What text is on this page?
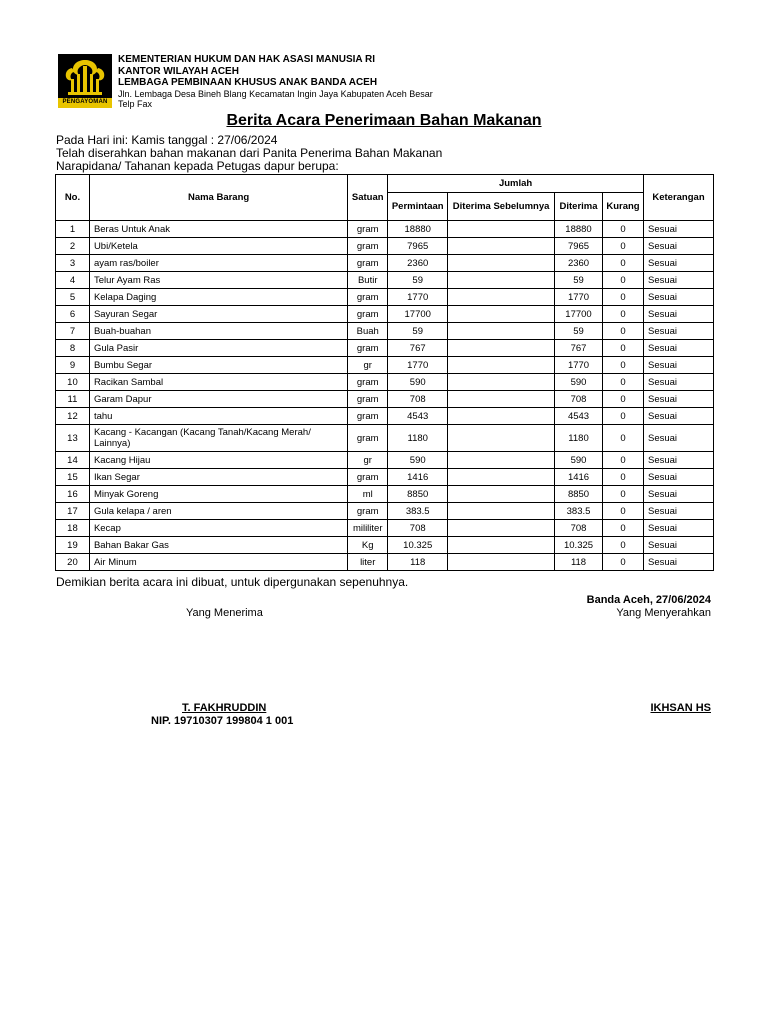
PENGAYOMAN
KEMENTERIAN HUKUM DAN HAK ASASI MANUSIA RI
KANTOR WILAYAH ACEH
LEMBAGA PEMBINAAN KHUSUS ANAK BANDA ACEH
Jln. Lembaga Desa Bineh Blang Kecamatan Ingin Jaya Kabupaten Aceh Besar
Telp Fax
Berita Acara Penerimaan Bahan Makanan
Pada Hari ini: Kamis tanggal : 27/06/2024
Telah diserahkan bahan makanan dari Panita Penerima Bahan Makanan
Narapidana/ Tahanan kepada Petugas dapur berupa:
No.	Nama Barang	Satuan	Jumlah				Keterangan
			Permintaan	Diterima Sebelumnya	Diterima	Kurang	
1	Beras Untuk Anak	gram	18880		18880	0	Sesuai
2	Ubi/Ketela	gram	7965		7965	0	Sesuai
3	ayam ras/boiler	gram	2360		2360	0	Sesuai
4	Telur Ayam Ras	Butir	59		59	0	Sesuai
5	Kelapa Daging	gram	1770		1770	0	Sesuai
6	Sayuran Segar	gram	17700		17700	0	Sesuai
7	Buah-buahan	Buah	59		59	0	Sesuai
8	Gula Pasir	gram	767		767	0	Sesuai
9	Bumbu Segar	gr	1770		1770	0	Sesuai
10	Racikan Sambal	gram	590		590	0	Sesuai
11	Garam Dapur	gram	708		708	0	Sesuai
12	tahu	gram	4543		4543	0	Sesuai
13	Kacang - Kacangan (Kacang Tanah/Kacang Merah/ Lainnya)	gram	1180		1180	0	Sesuai
14	Kacang Hijau	gr	590		590	0	Sesuai
15	Ikan Segar	gram	1416		1416	0	Sesuai
16	Minyak Goreng	ml	8850		8850	0	Sesuai
17	Gula kelapa / aren	gram	383.5		383.5	0	Sesuai
18	Kecap	mililiter	708		708	0	Sesuai
19	Bahan Bakar Gas	Kg	10.325		10.325	0	Sesuai
20	Air Minum	liter	118		118	0	Sesuai
Demikian berita acara ini dibuat, untuk dipergunakan sepenuhnya.
Banda Aceh, 27/06/2024
Yang Menerima	Yang Menyerahkan
T. FAKHRUDDIN
NIP. 19710307 199804 1 001
IKHSAN HS
